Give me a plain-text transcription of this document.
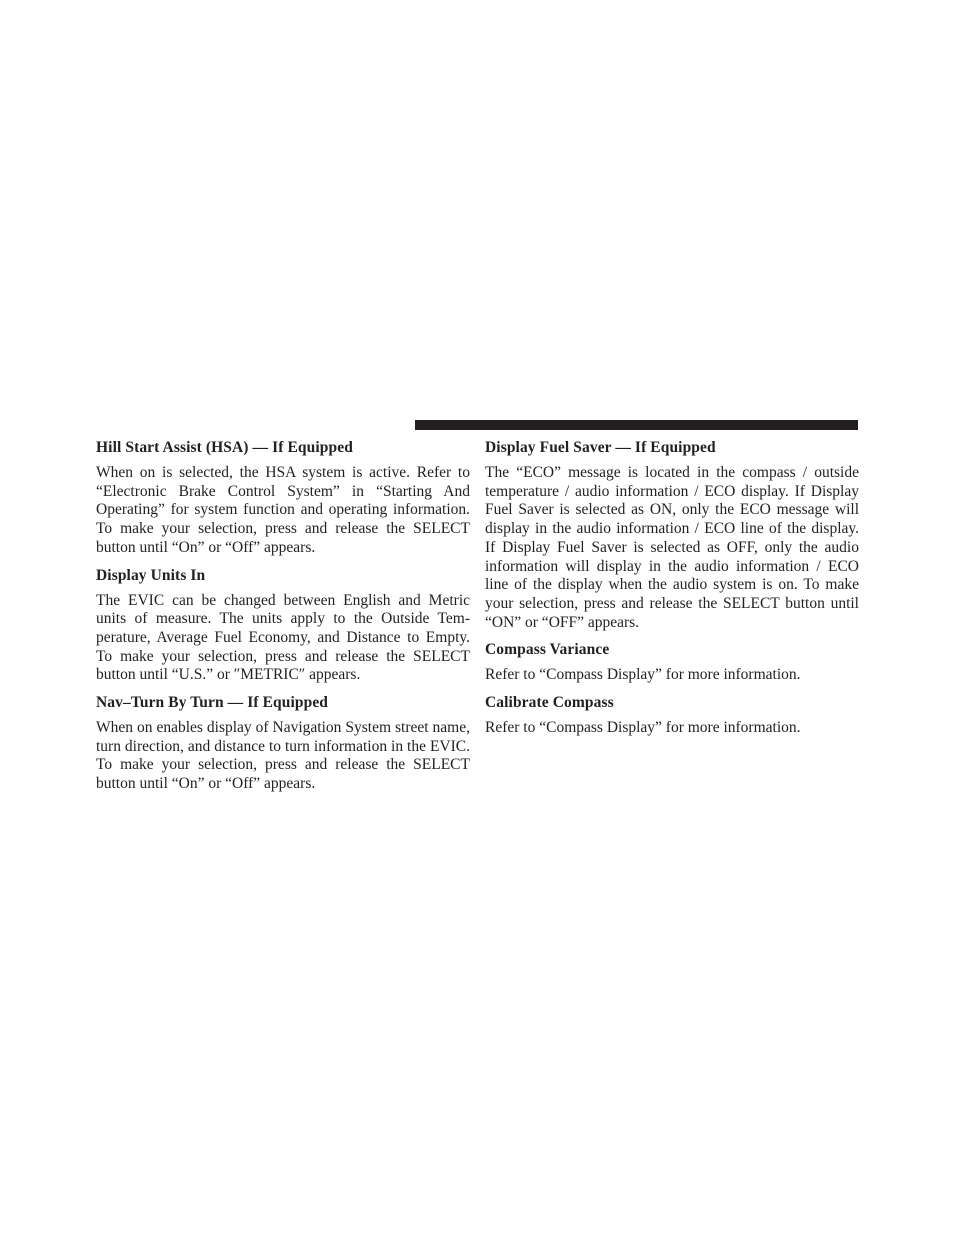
Hill Start Assist (HSA) — If Equipped

When on is selected, the HSA system is active. Refer to “Electronic Brake Control System” in “Starting And Operating” for system function and operating information. To make your selection, press and release the SELECT button until “On” or “Off” appears.

Display Units In

The EVIC can be changed between English and Metric units of measure. The units apply to the Outside Temperature, Average Fuel Economy, and Distance to Empty. To make your selection, press and release the SELECT button until “U.S.” or ″METRIC″ appears.

Nav–Turn By Turn — If Equipped

When on enables display of Navigation System street name, turn direction, and distance to turn information in the EVIC. To make your selection, press and release the SELECT button until “On” or “Off” appears.

Display Fuel Saver — If Equipped

The “ECO” message is located in the compass / outside temperature / audio information / ECO display. If Display Fuel Saver is selected as ON, only the ECO message will display in the audio information / ECO line of the display. If Display Fuel Saver is selected as OFF, only the audio information will display in the audio information / ECO line of the display when the audio system is on. To make your selection, press and release the SELECT button until “ON” or “OFF” appears.

Compass Variance

Refer to “Compass Display” for more information.

Calibrate Compass

Refer to “Compass Display” for more information.
